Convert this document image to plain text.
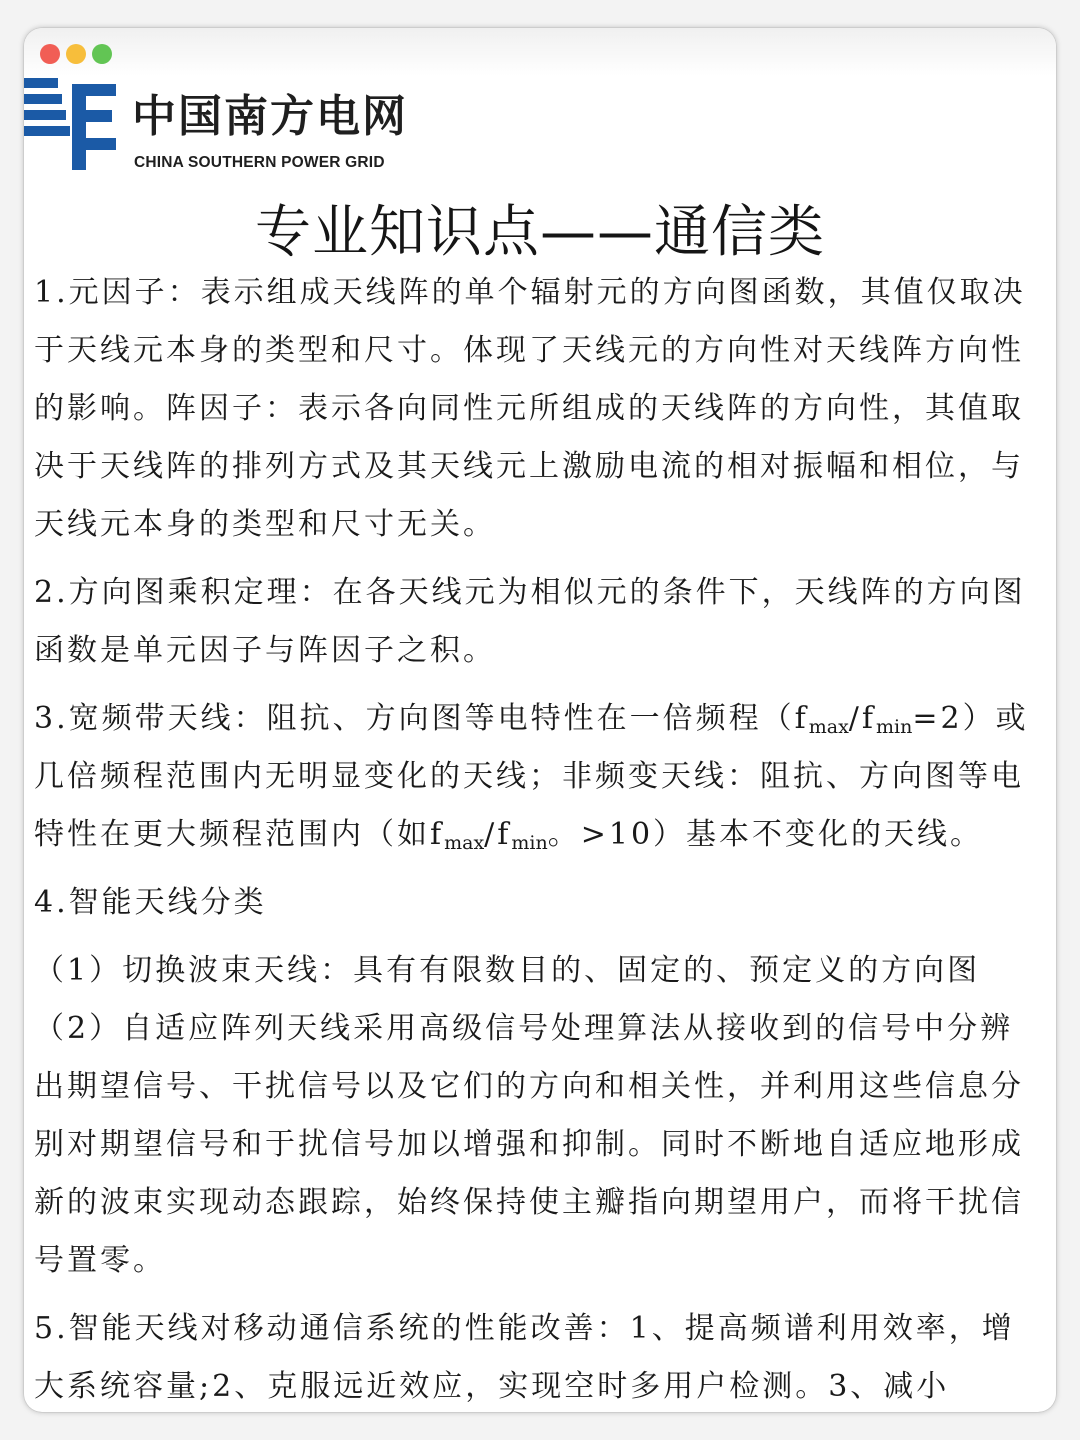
中国南方电网
CHINA SOUTHERN POWER GRID
专业知识点——通信类

1.元因子：表示组成天线阵的单个辐射元的方向图函数，其值仅取决于天线元本身的类型和尺寸。体现了天线元的方向性对天线阵方向性的影响。阵因子：表示各向同性元所组成的天线阵的方向性，其值取决于天线阵的排列方式及其天线元上激励电流的相对振幅和相位，与天线元本身的类型和尺寸无关。

2.方向图乘积定理：在各天线元为相似元的条件下，天线阵的方向图函数是单元因子与阵因子之积。

3.宽频带天线：阻抗、方向图等电特性在一倍频程$(f_{max}/f_{min}=2)$或几倍频程范围内无明显变化的天线；非频变天线：阻抗、方向图等电特性在更大频程范围内（如$f_{max}/f_{min}$。>10）基本不变化的天线。

4.智能天线分类

（1）切换波束天线：具有有限数目的、固定的、预定义的方向图

（2）自适应阵列天线采用高级信号处理算法从接收到的信号中分辨出期望信号、干扰信号以及它们的方向和相关性，并利用这些信息分别对期望信号和于扰信号加以增强和抑制。同时不断地自适应地形成新的波束实现动态跟踪，始终保持使主瓣指向期望用户，而将干扰信号置零。

5.智能天线对移动通信系统的性能改善：1、提高频谱利用效率，增大系统容量;2、克服远近效应，实现空时多用户检测。3、减小
